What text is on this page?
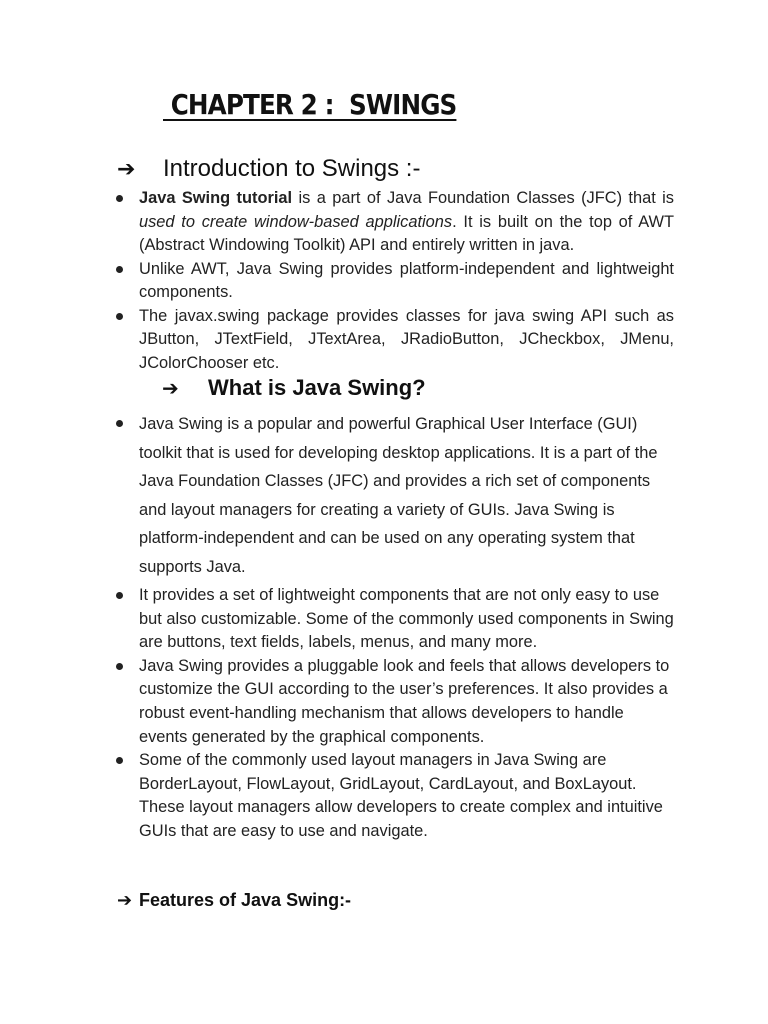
CHAPTER 2 :  SWINGS
➔	Introduction to Swings :-
Java Swing tutorial is a part of Java Foundation Classes (JFC) that is used to create window-based applications. It is built on the top of AWT (Abstract Windowing Toolkit) API and entirely written in java.
Unlike AWT, Java Swing provides platform-independent and lightweight components.
The javax.swing package provides classes for java swing API such as JButton, JTextField, JTextArea, JRadioButton, JCheckbox, JMenu, JColorChooser etc.
➔	What is Java Swing?
Java Swing is a popular and powerful Graphical User Interface (GUI) toolkit that is used for developing desktop applications. It is a part of the Java Foundation Classes (JFC) and provides a rich set of components and layout managers for creating a variety of GUIs. Java Swing is platform-independent and can be used on any operating system that supports Java.
It provides a set of lightweight components that are not only easy to use but also customizable. Some of the commonly used components in Swing are buttons, text fields, labels, menus, and many more.
Java Swing provides a pluggable look and feels that allows developers to customize the GUI according to the user’s preferences. It also provides a robust event-handling mechanism that allows developers to handle events generated by the graphical components.
Some of the commonly used layout managers in Java Swing are BorderLayout, FlowLayout, GridLayout, CardLayout, and BoxLayout. These layout managers allow developers to create complex and intuitive GUIs that are easy to use and navigate.
➔ Features of Java Swing:-
